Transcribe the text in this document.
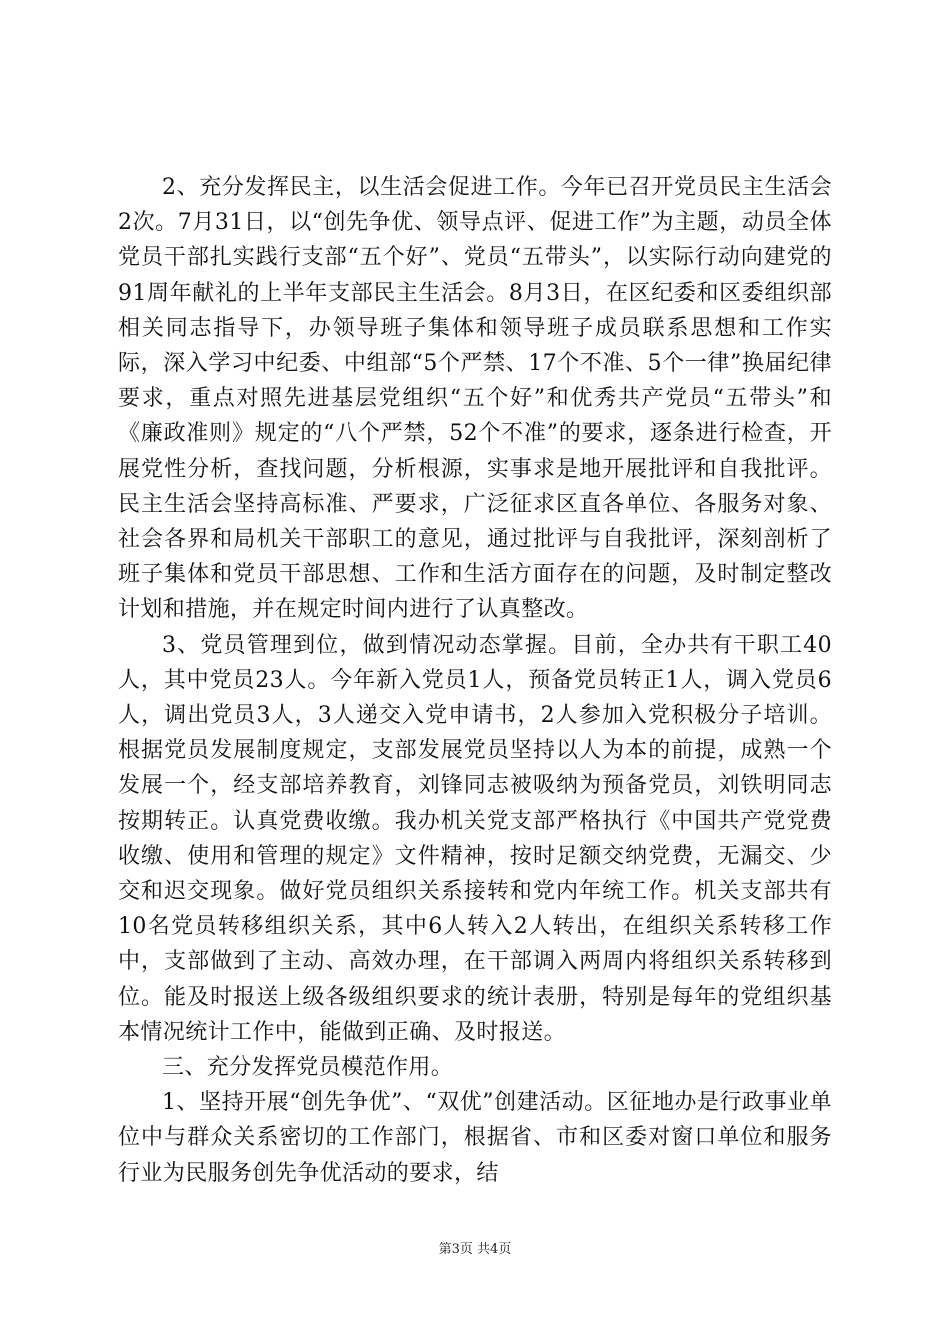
2、充分发挥民主，以生活会促进工作。今年已召开党员民主生活会2次。7月31日，以“创先争优、领导点评、促进工作”为主题，动员全体党员干部扎实践行支部“五个好”、党员“五带头”，以实际行动向建党的91周年献礼的上半年支部民主生活会。8月3日，在区纪委和区委组织部相关同志指导下，办领导班子集体和领导班子成员联系思想和工作实际，深入学习中纪委、中组部“5个严禁、17个不准、5个一律”换届纪律要求，重点对照先进基层党组织“五个好”和优秀共产党员“五带头”和《廉政准则》规定的“八个严禁，52个不准”的要求，逐条进行检查，开展党性分析，查找问题，分析根源，实事求是地开展批评和自我批评。民主生活会坚持高标准、严要求，广泛征求区直各单位、各服务对象、社会各界和局机关干部职工的意见，通过批评与自我批评，深刻剖析了班子集体和党员干部思想、工作和生活方面存在的问题，及时制定整改计划和措施，并在规定时间内进行了认真整改。

3、党员管理到位，做到情况动态掌握。目前，全办共有干职工40人，其中党员23人。今年新入党员1人，预备党员转正1人，调入党员6人，调出党员3人，3人递交入党申请书，2人参加入党积极分子培训。根据党员发展制度规定，支部发展党员坚持以人为本的前提，成熟一个发展一个，经支部培养教育，刘锋同志被吸纳为预备党员，刘铁明同志按期转正。认真党费收缴。我办机关党支部严格执行《中国共产党党费收缴、使用和管理的规定》文件精神，按时足额交纳党费，无漏交、少交和迟交现象。做好党员组织关系接转和党内年统工作。机关支部共有10名党员转移组织关系，其中6人转入2人转出，在组织关系转移工作中，支部做到了主动、高效办理，在干部调入两周内将组织关系转移到位。能及时报送上级各级组织要求的统计表册，特别是每年的党组织基本情况统计工作中，能做到正确、及时报送。

三、充分发挥党员模范作用。

1、坚持开展“创先争优”、“双优”创建活动。区征地办是行政事业单位中与群众关系密切的工作部门，根据省、市和区委对窗口单位和服务行业为民服务创先争优活动的要求，结

第3页 共4页
